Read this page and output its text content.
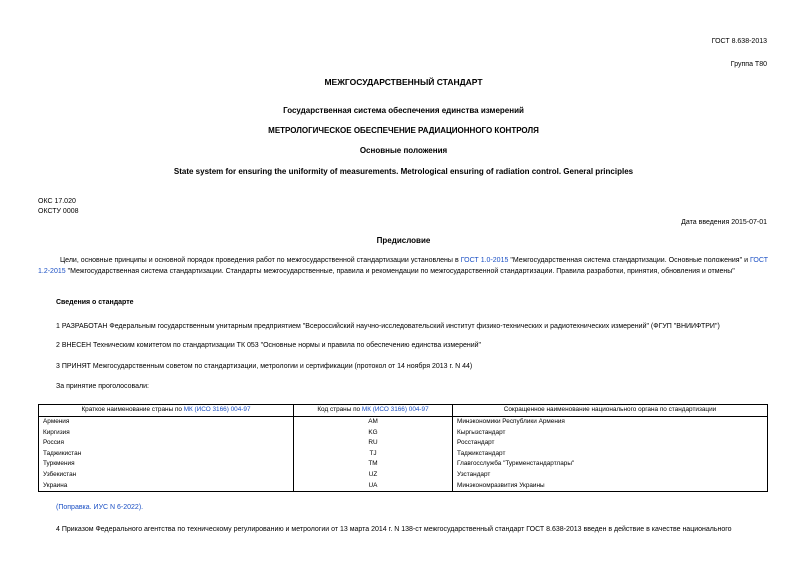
ГОСТ 8.638-2013
Группа Т80
МЕЖГОСУДАРСТВЕННЫЙ СТАНДАРТ
Государственная система обеспечения единства измерений
МЕТРОЛОГИЧЕСКОЕ ОБЕСПЕЧЕНИЕ РАДИАЦИОННОГО КОНТРОЛЯ
Основные положения
State system for ensuring the uniformity of measurements. Metrological ensuring of radiation control. General principles
ОКС 17.020
ОКСТУ 0008
Дата введения 2015-07-01
Предисловие
Цели, основные принципы и основной порядок проведения работ по межгосударственной стандартизации установлены в ГОСТ 1.0-2015 "Межгосударственная система стандартизации. Основные положения" и ГОСТ 1.2-2015 "Межгосударственная система стандартизации. Стандарты межгосударственные, правила и рекомендации по межгосударственной стандартизации. Правила разработки, принятия, обновления и отмены"
Сведения о стандарте
1 РАЗРАБОТАН Федеральным государственным унитарным предприятием "Всероссийский научно-исследовательский институт физико-технических и радиотехнических измерений" (ФГУП "ВНИИФТРИ")
2 ВНЕСЕН Техническим комитетом по стандартизации ТК 053 "Основные нормы и правила по обеспечению единства измерений"
3 ПРИНЯТ Межгосударственным советом по стандартизации, метрологии и сертификации (протокол от 14 ноября 2013 г. N 44)
За принятие проголосовали:
Краткое наименование страны по МК (ИСО 3166) 004-97	Код страны по МК (ИСО 3166) 004-97	Сокращенное наименование национального органа по стандартизации
Армения	AM	Минэкономики Республики Армения
Киргизия	KG	Кыргызстандарт
Россия	RU	Росстандарт
Таджикистан	TJ	Таджикстандарт
Туркмения	TM	Главгосслужба "Туркменстандартлары"
Узбекистан	UZ	Узстандарт
Украина	UA	Минэкономразвития Украины
(Поправка. ИУС N 6-2022).
4 Приказом Федерального агентства по техническому регулированию и метрологии от 13 марта 2014 г. N 138-ст межгосударственный стандарт ГОСТ 8.638-2013 введен в действие в качестве национального
